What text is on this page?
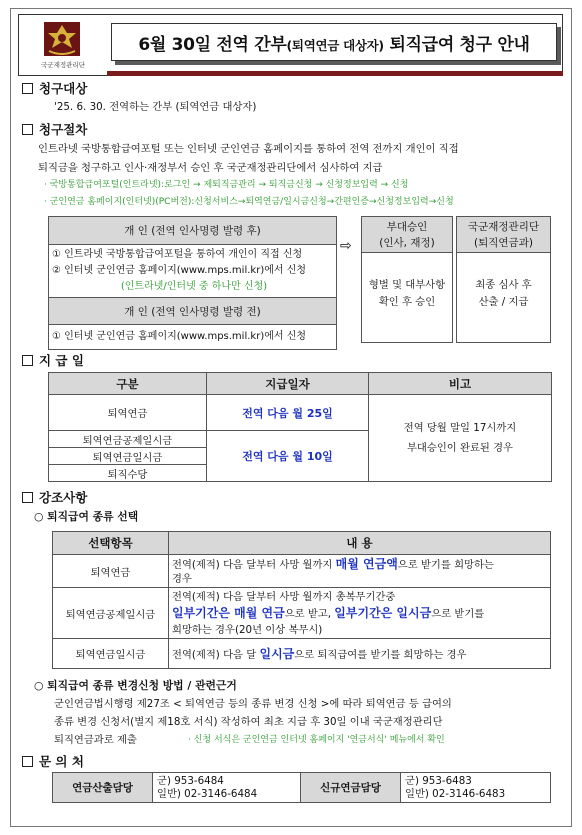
국군재정관리단
6월 30일 전역 간부(퇴역연금 대상자) 퇴직급여 청구 안내
청구대상
'25. 6. 30. 전역하는 간부 (퇴역연금 대상자)
청구절차
인트라넷 국방통합급여포털 또는 인터넷 군인연금 홈페이지를 통하여 전역 전까지 개인이 직접
퇴직금을 청구하고 인사·재정부서 승인 후 국군재정관리단에서 심사하여 지급
· 국방통합급여포털(인트라넷):로그인 → 제퇴직금관리 → 퇴직금신청 → 신청정보입력 → 신청
· 군인연금 홈페이지(인터넷)(PC버전):신청서비스→퇴역연금/일시금신청→간편인증→신청정보입력→신청
개 인 (전역 인사명령 발령 후)
① 인트라넷 국방통합급여포털을 통하여 개인이 직접 신청
② 인터넷 군인연금 홈페이지(www.mps.mil.kr)에서 신청
(인트라넷/인터넷 중 하나만 신청)
개 인 (전역 인사명령 발령 전)
① 인터넷 군인연금 홈페이지(www.mps.mil.kr)에서 신청
⇨
부대승인
(인사, 재정)
형벌 및 대부사항
확인 후 승인
국군재정관리단
(퇴직연금과)
최종 심사 후
산출 / 지급
지 급 일
구분	지급일자	비고
퇴역연금	전역 다음 월 25일	전역 당월 말일 17시까지
부대승인이 완료된 경우

퇴역연금공제일시금	전역 다음 월 10일	
퇴역연금일시금		
퇴직수당		
강조사항
○ 퇴직급여 종류 선택
선택항목	내 용
퇴역연금	전역(제적) 다음 달부터 사망 월까지 매월 연금액으로 받기를 희망하는
경우

퇴역연금공제일시금	전역(제적) 다음 달부터 사망 월까지 총복무기간중
일부기간은 매월 연금으로 받고, 일부기간은 일시금으로 받기를
희망하는 경우(20년 이상 복무시)

퇴역연금일시금	전역(제적) 다음 달 일시금으로 퇴직급여를 받기를 희망하는 경우
○ 퇴직급여 종류 변경신청 방법 / 관련근거
군인연금법시행령 제27조 < 퇴역연금 등의 종류 변경 신청 >에 따라 퇴역연금 등 급여의
종류 변경 신청서(별지 제18호 서식) 작성하여 최초 지급 후 30일 이내 국군재정관리단
퇴직연금과로 제출	· 신청 서식은 군인연금 인터넷 홈페이지 '연금서식' 메뉴에서 확인
문 의 처
연금산출담당	
군) 953-6484
일반) 02-3146-6484	신규연금담당	
군) 953-6483
일반) 02-3146-6483
